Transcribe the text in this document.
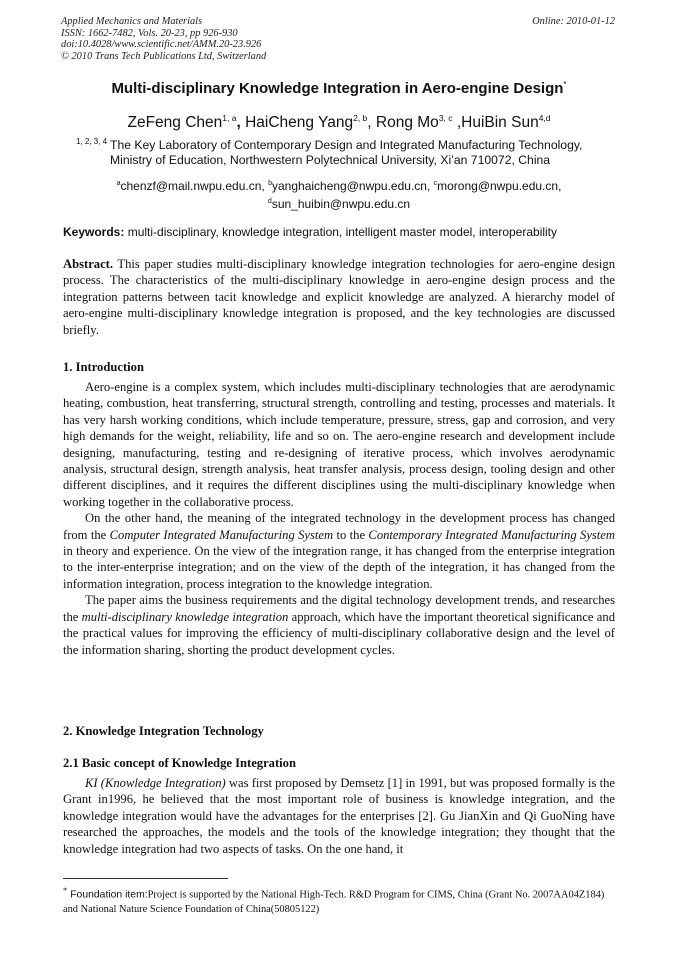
Applied Mechanics and Materials
ISSN: 1662-7482, Vols. 20-23, pp 926-930
doi:10.4028/www.scientific.net/AMM.20-23.926
© 2010 Trans Tech Publications Ltd, Switzerland
Online: 2010-01-12
Multi-disciplinary Knowledge Integration in Aero-engine Design*
ZeFeng Chen$^{1, a}$, HaiCheng Yang$^{2, b}$, Rong Mo$^{3, c}$ ,HuiBin Sun$^{4,d}$
1, 2, 3, 4 The Key Laboratory of Contemporary Design and Integrated Manufacturing Technology,
Ministry of Education, Northwestern Polytechnical University, Xi’an 710072, China
$^a$chenzf@mail.nwpu.edu.cn, $^b$yanghaicheng@nwpu.edu.cn, $^c$morong@nwpu.edu.cn,
$^d$sun_huibin@nwpu.edu.cn
Keywords: multi-disciplinary, knowledge integration, intelligent master model, interoperability

Abstract. This paper studies multi-disciplinary knowledge integration technologies for aero-engine design process. The characteristics of the multi-disciplinary knowledge in aero-engine design process and the integration patterns between tacit knowledge and explicit knowledge are analyzed. A hierarchy model of aero-engine multi-disciplinary knowledge integration is proposed, and the key technologies are discussed briefly.

1. Introduction

Aero-engine is a complex system, which includes multi-disciplinary technologies that are aerodynamic heating, combustion, heat transferring, structural strength, controlling and testing, processes and materials. It has very harsh working conditions, which include temperature, pressure, stress, gap and corrosion, and very high demands for the weight, reliability, life and so on. The aero-engine research and development include designing, manufacturing, testing and re-designing of iterative process, which involves aerodynamic analysis, structural design, strength analysis, heat transfer analysis, process design, tooling design and other different disciplines, and it requires the different disciplines using the multi-disciplinary knowledge when working together in the collaborative process.

On the other hand, the meaning of the integrated technology in the development process has changed from the Computer Integrated Manufacturing System to the Contemporary Integrated Manufacturing System in theory and experience. On the view of the integration range, it has changed from the enterprise integration to the inter-enterprise integration; and on the view of the depth of the integration, it has changed from the information integration, process integration to the knowledge integration.

The paper aims the business requirements and the digital technology development trends, and researches the multi-disciplinary knowledge integration approach, which have the important theoretical significance and the practical values for improving the efficiency of multi-disciplinary collaborative design and the level of the information sharing, shorting the product development cycles.

2. Knowledge Integration Technology
2.1 Basic concept of Knowledge Integration

KI (Knowledge Integration) was first proposed by Demsetz [1] in 1991, but was proposed formally is the Grant in1996, he believed that the most important role of business is knowledge integration, and the knowledge integration would have the advantages for the enterprises [2]. Gu JianXin and Qi GuoNing have researched the approaches, the models and the tools of the knowledge integration; they thought that the knowledge integration had two aspects of tasks. On the one hand, it

* Foundation item:Project is supported by the National High-Tech. R&D Program for CIMS, China (Grant No. 2007AA04Z184) and National Nature Science Foundation of China(50805122)
